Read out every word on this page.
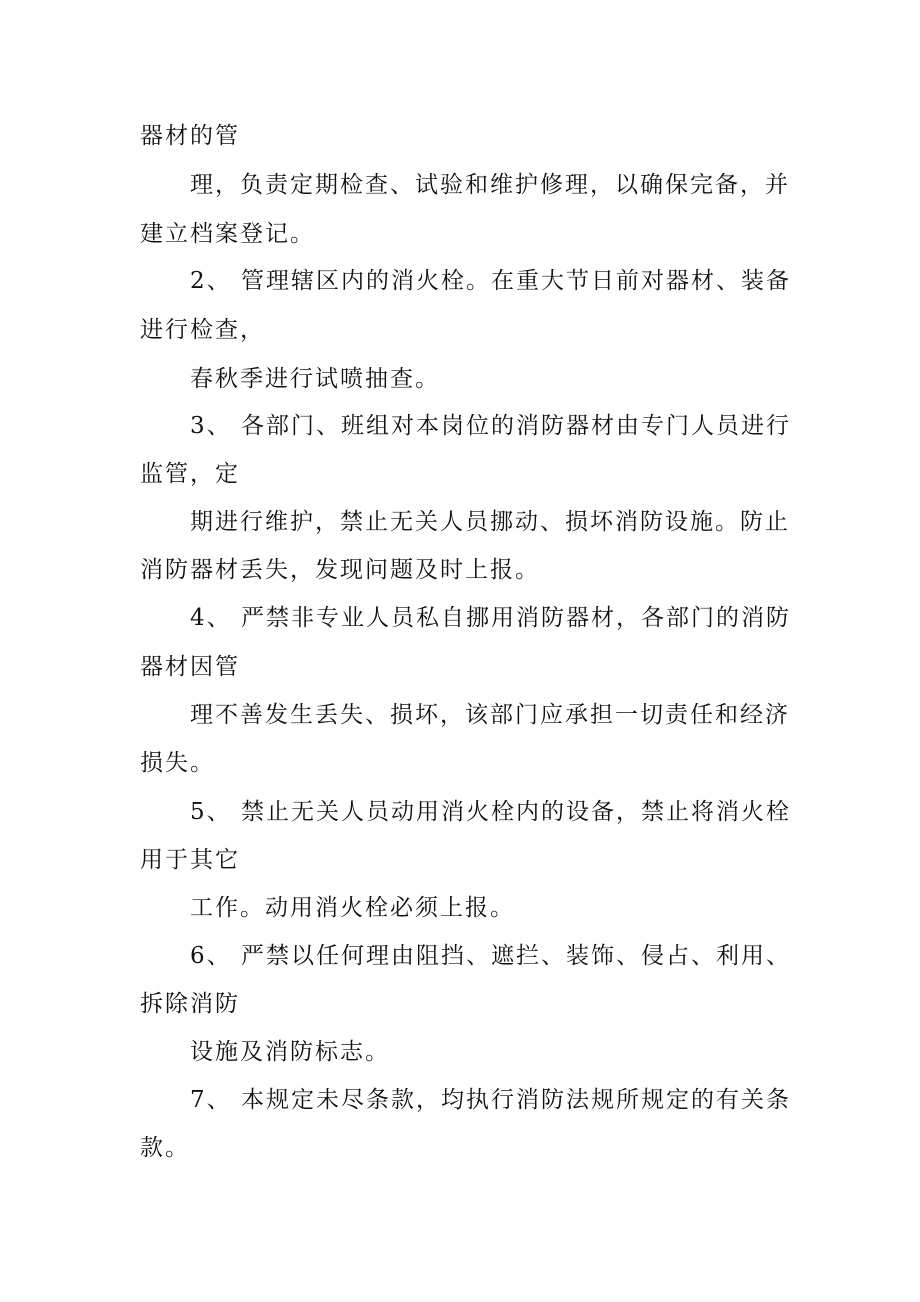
器材的管
理，负责定期检查、试验和维护修理，以确保完备，并
建立档案登记。
2、 管理辖区内的消火栓。在重大节日前对器材、装备
进行检查，
春秋季进行试喷抽查。
3、 各部门、班组对本岗位的消防器材由专门人员进行
监管，定
期进行维护，禁止无关人员挪动、损坏消防设施。防止
消防器材丢失，发现问题及时上报。
4、 严禁非专业人员私自挪用消防器材，各部门的消防
器材因管
理不善发生丢失、损坏，该部门应承担一切责任和经济
损失。
5、 禁止无关人员动用消火栓内的设备，禁止将消火栓
用于其它
工作。动用消火栓必须上报。
6、 严禁以任何理由阻挡、遮拦、装饰、侵占、利用、
拆除消防
设施及消防标志。
7、 本规定未尽条款，均执行消防法规所规定的有关条
款。
